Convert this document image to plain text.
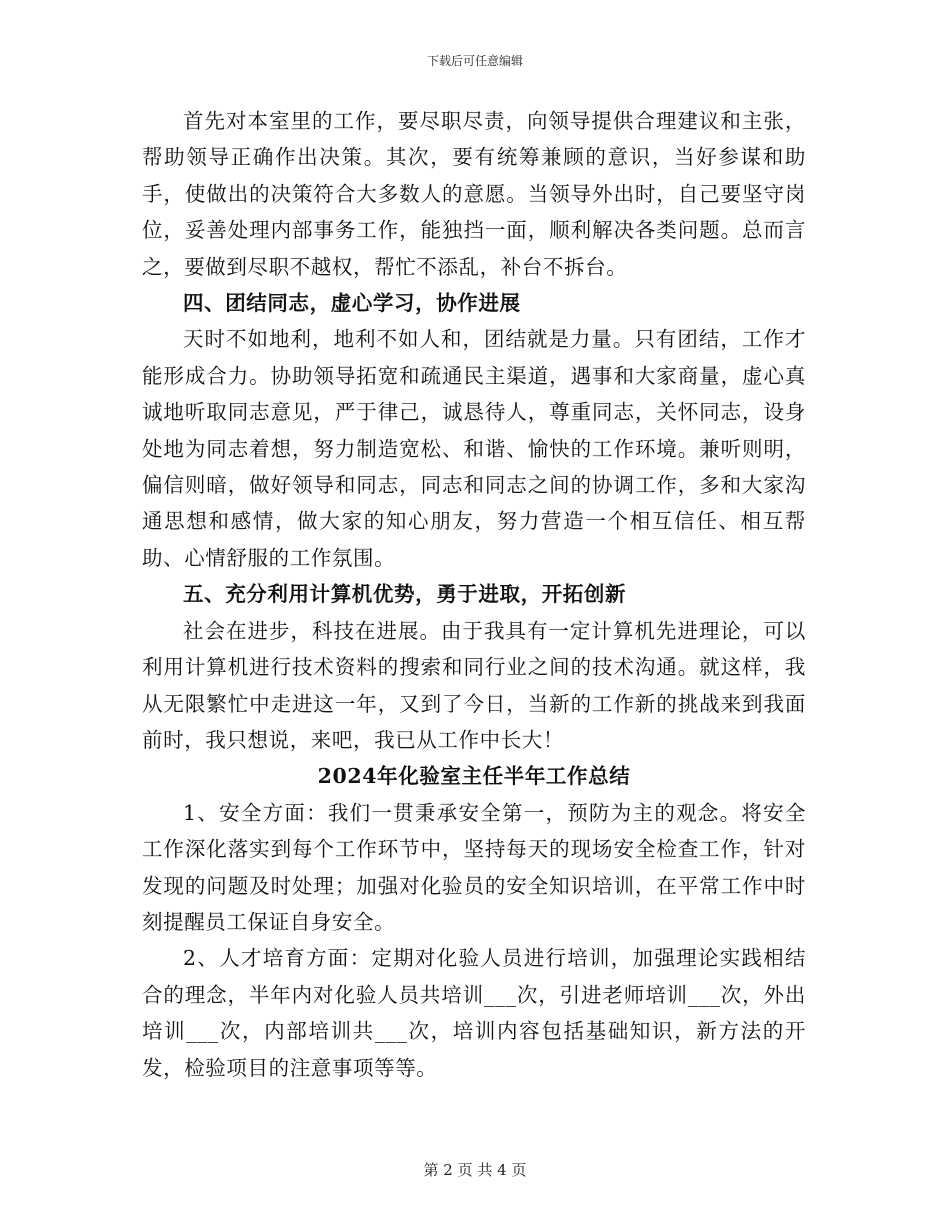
下载后可任意编辑

首先对本室里的工作，要尽职尽责，向领导提供合理建议和主张，帮助领导正确作出决策。其次，要有统筹兼顾的意识，当好参谋和助手，使做出的决策符合大多数人的意愿。当领导外出时，自己要坚守岗位，妥善处理内部事务工作，能独挡一面，顺利解决各类问题。总而言之，要做到尽职不越权，帮忙不添乱，补台不拆台。

四、团结同志，虚心学习，协作进展

天时不如地利，地利不如人和，团结就是力量。只有团结，工作才能形成合力。协助领导拓宽和疏通民主渠道，遇事和大家商量，虚心真诚地听取同志意见，严于律己，诚恳待人，尊重同志，关怀同志，设身处地为同志着想，努力制造宽松、和谐、愉快的工作环境。兼听则明，偏信则暗，做好领导和同志，同志和同志之间的协调工作，多和大家沟通思想和感情，做大家的知心朋友，努力营造一个相互信任、相互帮助、心情舒服的工作氛围。

五、充分利用计算机优势，勇于进取，开拓创新

社会在进步，科技在进展。由于我具有一定计算机先进理论，可以利用计算机进行技术资料的搜索和同行业之间的技术沟通。就这样，我从无限繁忙中走进这一年，又到了今日，当新的工作新的挑战来到我面前时，我只想说，来吧，我已从工作中长大！

2024年化验室主任半年工作总结

1、安全方面：我们一贯秉承安全第一，预防为主的观念。将安全工作深化落实到每个工作环节中，坚持每天的现场安全检查工作，针对发现的问题及时处理；加强对化验员的安全知识培训，在平常工作中时刻提醒员工保证自身安全。

2、人才培育方面：定期对化验人员进行培训，加强理论实践相结合的理念，半年内对化验人员共培训___次，引进老师培训___次，外出培训___次，内部培训共___次，培训内容包括基础知识，新方法的开发，检验项目的注意事项等等。

第 2 页 共 4 页
